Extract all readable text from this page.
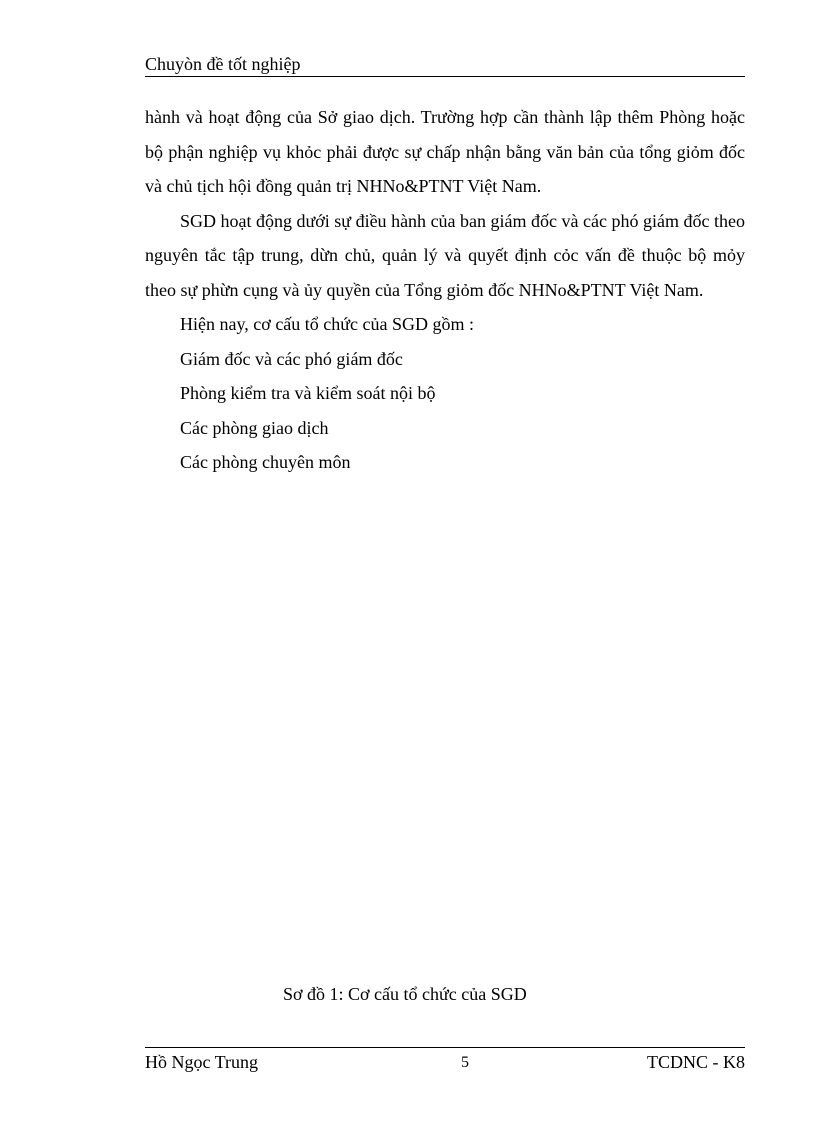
Chuyòn đề tốt nghiệp

hành và hoạt động của Sở giao dịch. Trường hợp cần thành lập thêm Phòng hoặc bộ phận nghiệp vụ khỏc phải được sự chấp nhận bằng văn bản của tổng giỏm đốc và chủ tịch hội đồng quản trị NHNo&PTNT Việt Nam.

SGD hoạt động dưới sự điều hành của ban giám đốc và các phó giám đốc theo nguyên tắc tập trung, dừn chủ, quản lý và quyết định cỏc vấn đề thuộc bộ mỏy theo sự phừn cụng và ủy quyền của Tổng giỏm đốc NHNo&PTNT Việt Nam.

Hiện nay, cơ cấu tổ chức của SGD gồm :

Giám đốc và các phó giám đốc

Phòng kiểm tra và kiểm soát nội bộ

Các phòng giao dịch

Các phòng chuyên môn

Sơ đồ 1: Cơ cấu tổ chức của SGD
Hồ Ngọc Trung	5	TCDNC - K8
